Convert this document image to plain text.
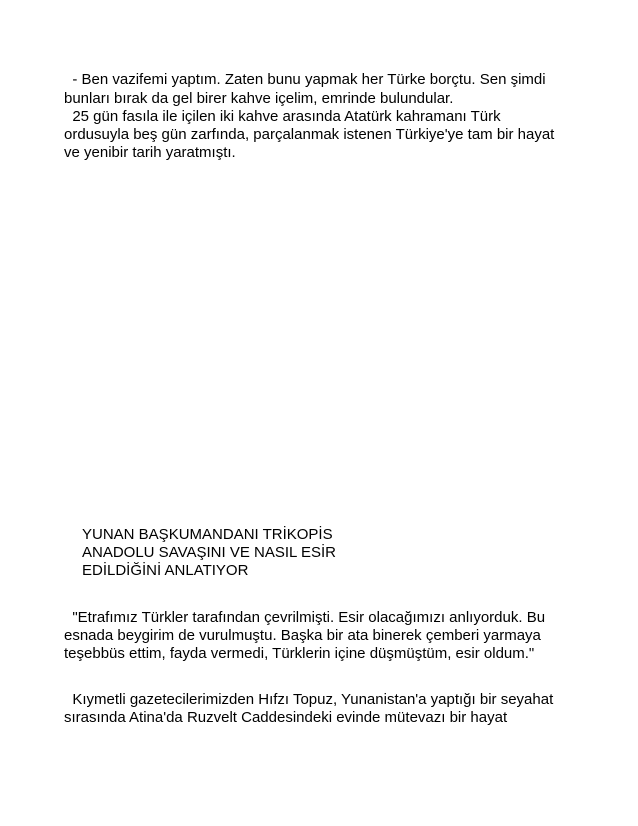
- Ben vazifemi yaptım. Zaten bunu yapmak her Türke borçtu. Sen şimdi
bunları bırak da gel birer kahve içelim, emrinde bulundular.
25 gün fasıla ile içilen iki kahve arasında Atatürk kahramanı Türk
ordusuyla beş gün zarfında, parçalanmak istenen Türkiye'ye tam bir hayat
ve yenibir tarih yaratmıştı.
YUNAN BAŞKUMANDANI TRİKOPİS
ANADOLU SAVAŞINI VE NASIL ESİR
EDİLDİĞİNİ ANLATIYOR
"Etrafımız Türkler tarafından çevrilmişti. Esir olacağımızı anlıyorduk. Bu
esnada beygirim de vurulmuştu. Başka bir ata binerek çemberi yarmaya
teşebbüs ettim, fayda vermedi, Türklerin içine düşmüştüm, esir oldum."
Kıymetli gazetecilerimizden Hıfzı Topuz, Yunanistan'a yaptığı bir seyahat
sırasında Atina'da Ruzvelt Caddesindeki evinde mütevazı bir hayat
